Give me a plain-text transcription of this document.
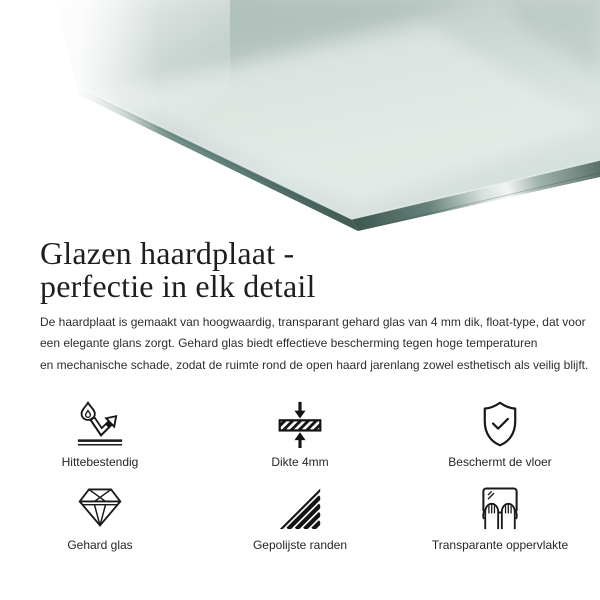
Glazen haardplaat -
perfectie in elk detail

De haardplaat is gemaakt van hoogwaardig, transparant gehard glas van 4 mm dik, float-type, dat voor
een elegante glans zorgt. Gehard glas biedt effectieve bescherming tegen hoge temperaturen
en mechanische schade, zodat de ruimte rond de open haard jarenlang zowel esthetisch als veilig blijft.

Hittebestendig	Dikte 4mm	Beschermt de vloer
Gehard glas	Gepolijste randen	Transparante oppervlakte
